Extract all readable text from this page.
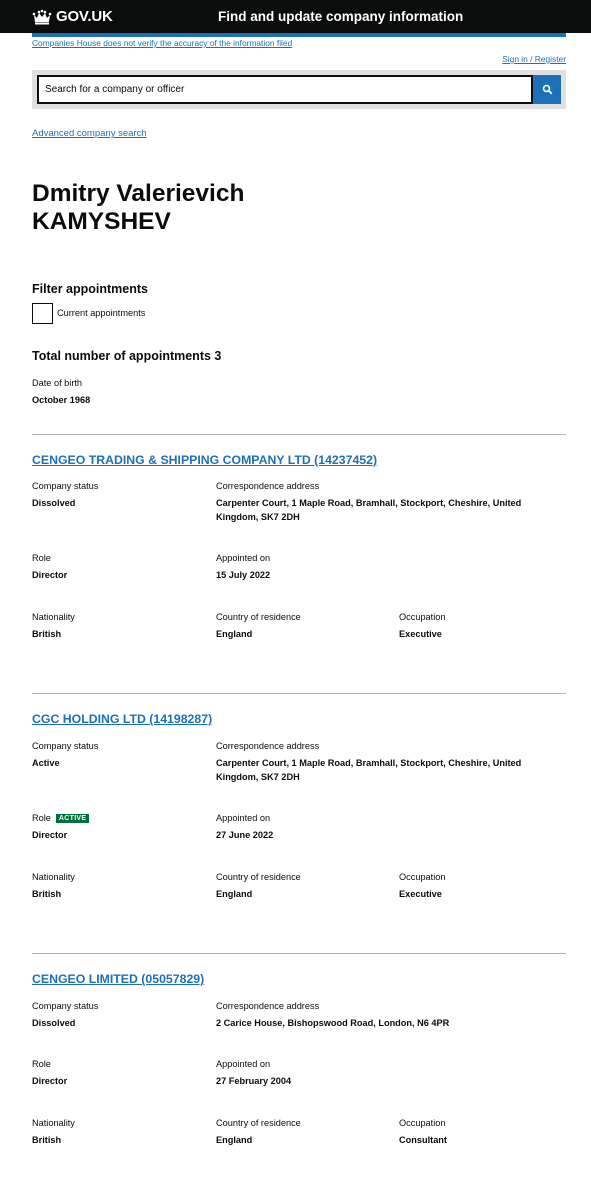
GOV.UK	Find and update company information
Companies House does not verify the accuracy of the information filed
Sign in / Register
Search for a company or officer
Advanced company search
Dmitry Valerievich KAMYSHEV
Filter appointments
Current appointments
Total number of appointments 3
Date of birth
October 1968
CENGEO TRADING & SHIPPING COMPANY LTD (14237452)
Company status
Dissolved
Correspondence address
Carpenter Court, 1 Maple Road, Bramhall, Stockport, Cheshire, United Kingdom, SK7 2DH
Role
Director
Appointed on
15 July 2022
Nationality
British
Country of residence
England
Occupation
Executive
CGC HOLDING LTD (14198287)
Company status
Active
Correspondence address
Carpenter Court, 1 Maple Road, Bramhall, Stockport, Cheshire, United Kingdom, SK7 2DH
Role ACTIVE
Director
Appointed on
27 June 2022
Nationality
British
Country of residence
England
Occupation
Executive
CENGEO LIMITED (05057829)
Company status
Dissolved
Correspondence address
2 Carice House, Bishopswood Road, London, N6 4PR
Role
Director
Appointed on
27 February 2004
Nationality
British
Country of residence
England
Occupation
Consultant
